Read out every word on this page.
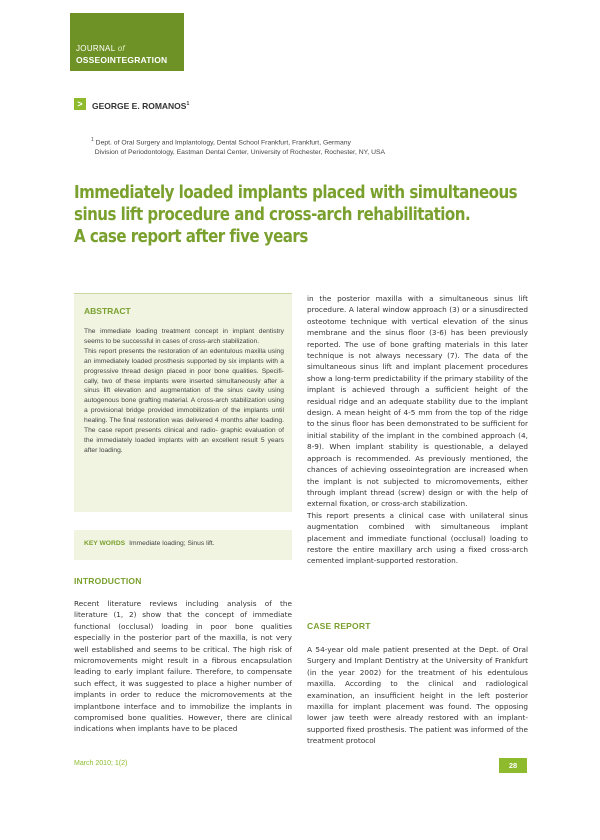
JOURNAL of
OSSEOINTEGRATION
>	GEORGE E. ROMANOS$^1$
$^1$ Dept. of Oral Surgery and Implantology, Dental School Frankfurt, Frankfurt, Germany
Division of Periodontology, Eastman Dental Center, University of Rochester, Rochester, NY, USA
Immediately loaded implants placed with simultaneous
sinus lift procedure and cross-arch rehabilitation.
A case report after five years
ABSTRACT
The immediate loading treatment concept in implant dentistry seems to be successful in cases of cross-arch stabilization.
This report presents the restoration of an edentulous maxilla using an immediately loaded prosthesis supported by six implants with a progressive thread design placed in poor bone qualities. Specifi- cally, two of these implants were inserted simultaneously after a sinus lift elevation and augmentation of the sinus cavity using autogenous bone grafting material. A cross-arch stabilization using a provisional bridge provided immobilization of the implants until healing. The final restoration was delivered 4 months after loading. The case report presents clinical and radio- graphic evaluation of the immediately loaded implants with an excellent result 5 years after loading.
KEY WORDS Immediate loading; Sinus lift.
INTRODUCTION
Recent literature reviews including analysis of the literature (1, 2) show that the concept of immediate functional (occlusal) loading in poor bone qualities especially in the posterior part of the maxilla, is not very well established and seems to be critical. The high risk of micromovements might result in a fibrous encapsulation leading to early implant failure. Therefore, to compensate such effect, it was suggested to place a higher number of implants in order to reduce the micromovements at the implantbone interface and to immobilize the implants in compromised bone qualities. However, there are clinical indications when implants have to be placed

in the posterior maxilla with a simultaneous sinus lift procedure. A lateral window approach (3) or a sinusdirected osteotome technique with vertical elevation of the sinus membrane and the sinus floor (3-6) has been previously reported. The use of bone grafting materials in this later technique is not always necessary (7). The data of the simultaneous sinus lift and implant placement procedures show a long-term predictability if the primary stability of the implant is achieved through a sufficient height of the residual ridge and an adequate stability due to the implant design. A mean height of 4-5 mm from the top of the ridge to the sinus floor has been demonstrated to be sufficient for initial stability of the implant in the combined approach (4, 8-9). When implant stability is questionable, a delayed approach is recommended. As previously mentioned, the chances of achieving osseointegration are increased when the implant is not subjected to micromovements, either through implant thread (screw) design or with the help of external fixation, or cross-arch stabilization.

This report presents a clinical case with unilateral sinus augmentation combined with simultaneous implant placement and immediate functional (occlusal) loading to restore the entire maxillary arch using a fixed cross-arch cemented implant-supported restoration.

CASE REPORT
A 54-year old male patient presented at the Dept. of Oral Surgery and Implant Dentistry at the University of Frankfurt (in the year 2002) for the treatment of his edentulous maxilla. According to the clinical and radiological examination, an insufficient height in the left posterior maxilla for implant placement was found. The opposing lower jaw teeth were already restored with an implant-supported fixed prosthesis. The patient was informed of the treatment protocol
March 2010; 1(2)	28
